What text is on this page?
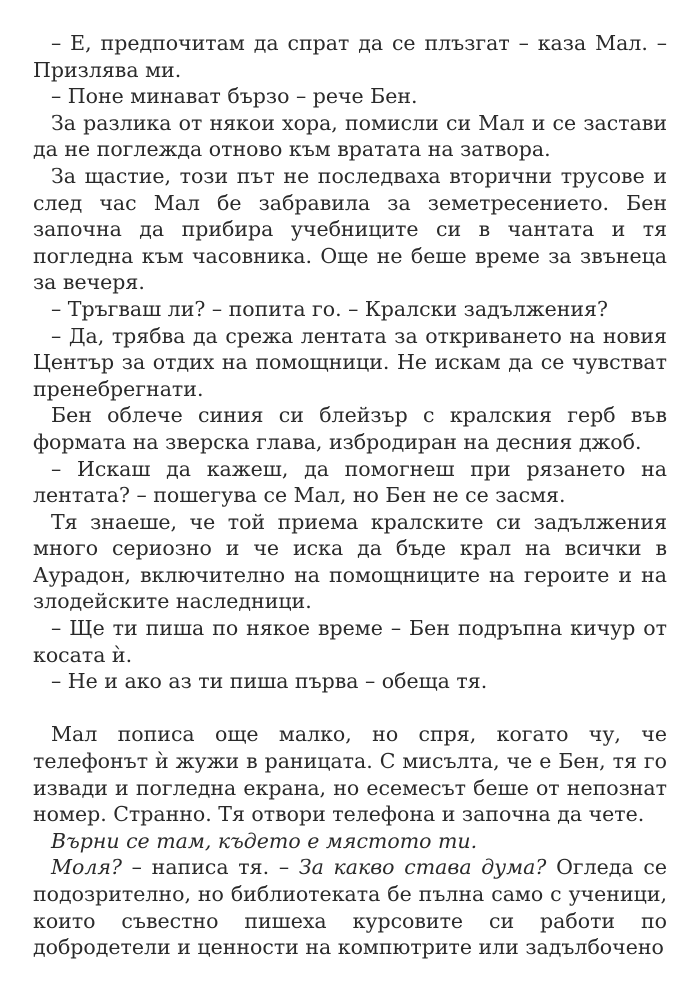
– Е, предпочитам да спрат да се плъзгат – каза Мал. – Призлява ми.

– Поне минават бързо – рече Бен.

За разлика от някои хора, помисли си Мал и се застави да не поглежда отново към вратата на затвора.

За щастие, този път не последваха вторични трусове и след час Мал бе забравила за земетресението. Бен започна да прибира учебниците си в чантата и тя погледна към часовника. Още не беше време за звънеца за вечеря.

– Тръгваш ли? – попита го. – Кралски задължения?

– Да, трябва да срежа лентата за откриването на новия Център за отдих на помощници. Не искам да се чувстват пренебрегнати.

Бен облече синия си блейзър с кралския герб във формата на зверска глава, избродиран на десния джоб.

– Искаш да кажеш, да помогнеш при рязането на лентата? – пошегува се Мал, но Бен не се засмя.

Тя знаеше, че той приема кралските си задължения много сериозно и че иска да бъде крал на всички в Аурадон, включително на помощниците на героите и на злодейските наследници.

– Ще ти пиша по някое време – Бен подръпна кичур от косата ѝ.

– Не и ако аз ти пиша първа – обеща тя.

Мал пописа още малко, но спря, когато чу, че телефонът ѝ жужи в раницата. С мисълта, че е Бен, тя го извади и погледна екрана, но есемесът беше от непознат номер. Странно. Тя отвори телефона и започна да чете.

Върни се там, където е мястото ти.

Моля? – написа тя. – За какво става дума? Огледа се подозрително, но библиотеката бе пълна само с ученици, които съвестно пишеха курсовите си работи по добродетели и ценности на компютрите или задълбочено
